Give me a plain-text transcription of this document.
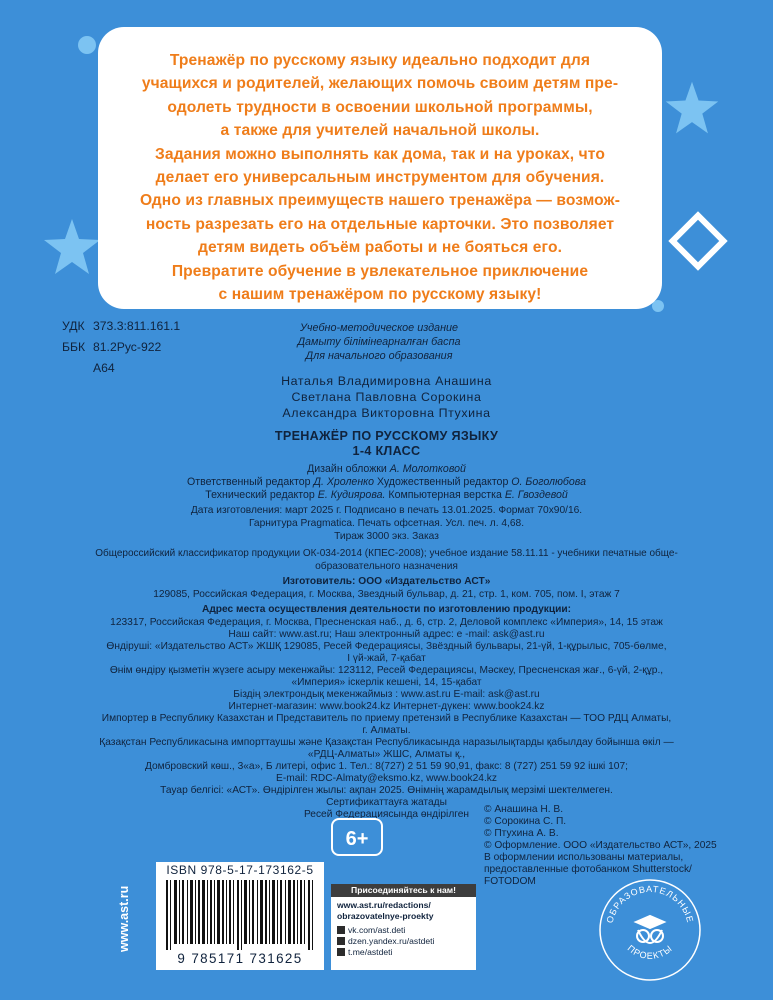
Тренажёр по русскому языку идеально подходит для
учащихся и родителей, желающих помочь своим детям пре-
одолеть трудности в освоении школьной программы,
а также для учителей начальной школы.
Задания можно выполнять как дома, так и на уроках, что
делает его универсальным инструментом для обучения.
Одно из главных преимуществ нашего тренажёра — возмож-
ность разрезать его на отдельные карточки. Это позволяет
детям видеть объём работы и не бояться его.
Превратите обучение в увлекательное приключение
с нашим тренажёром по русскому языку!
УДК 373.3:811.161.1
ББК 81.2Рус-922
А64
Учебно-методическое издание
Дамыту бiлiмiнеарналған баспа
Для начального образования
Наталья Владимировна Анашина
Светлана Павловна Сорокина
Александра Викторовна Птухина
ТРЕНАЖЁР ПО РУССКОМУ ЯЗЫКУ
1-4 КЛАСС
Дизайн обложки А. Молотковой
Ответственный редактор Д. Хроленко Художественный редактор О. Боголюбова
Технический редактор Е. Кудиярова. Компьютерная верстка Е. Гвоздевой
Дата изготовления: март 2025 г. Подписано в печать 13.01.2025. Формат 70х90/16.
Гарнитура Pragmatica. Печать офсетная. Усл. печ. л. 4,68.
Тираж 3000 экз. Заказ
Общероссийский классификатор продукции ОК-034-2014 (КПЕС-2008); учебное издание 58.11.11 - учебники печатные обще-
образовательного назначения
Изготовитель: ООО «Издательство АСТ»
129085, Российская Федерация, г. Москва, Звездный бульвар, д. 21, стр. 1, ком. 705, пом. I, этаж 7
Адрес места осуществления деятельности по изготовлению продукции:
123317, Российская Федерация, г. Москва, Пресненская наб., д. 6, стр. 2, Деловой комплекс «Империя», 14, 15 этаж
Наш сайт: www.ast.ru; Наш электронный адрес: e -mail: ask@ast.ru
Өндiрушi: «Издательство АСТ» ЖШҚ 129085, Ресей Федерациясы, Звёздный бульвары, 21-үй, 1-құрылыс, 705-бөлме,
I үй-жай, 7-қабат
Өнiм өндiру қызметiн жүзеге асыру мекенжайы: 123112, Ресей Федерациясы, Мәскеу, Пресненская жағ., 6-үй, 2-құр.,
«Империя» iскерлiк кешенi, 14, 15-қабат
Бiздiң электрондық мекенжаймыз : www.ast.ru E-mail: ask@ast.ru
Интернет-магазин: www.book24.kz Интернет-дүкен: www.book24.kz
Импортер в Республику Казахстан и Представитель по приему претензий в Республике Казахстан — ТОО РДЦ Алматы,
г. Алматы.
Қазақстан Республикасына импорттаушы және Қазақстан Республикасында наразылықтарды қабылдау бойынша өкiл —
«РДЦ-Алматы» ЖШС, Алматы қ.,
Домбровский көш., 3«а», Б литерi, офис 1. Тел.: 8(727) 2 51 59 90,91, факс: 8 (727) 251 59 92 iшкi 107;
E-mail: RDC-Almaty@eksmo.kz, www.book24.kz
Тауар белгiсi: «АСТ». Өндiрiлген жылы: ақпан 2025. Өнiмнiң жарамдылық мерзiмi шектелмеген.
Сертификаттауға жатады
Ресей Федерациясында өндiрiлген	© Анашина Н. В.
© Сорокина С. П.
© Птухина А. В.
© Оформление. ООО «Издательство АСТ», 2025
В оформлении использованы материалы,
предоставленные фотобанком Shutterstock/
FOTODOM
6+
ISBN 978-5-17-173162-5
9 785171 731625
Присоединяйтесь к нам!
www.ast.ru/redactions/
obrazovatelnye-proekty
vk.com/ast.deti
dzen.yandex.ru/astdeti
t.me/astdeti
www.ast.ru	ОБРАЗОВАТЕЛЬНЫЕ
ПРОЕКТЫ
